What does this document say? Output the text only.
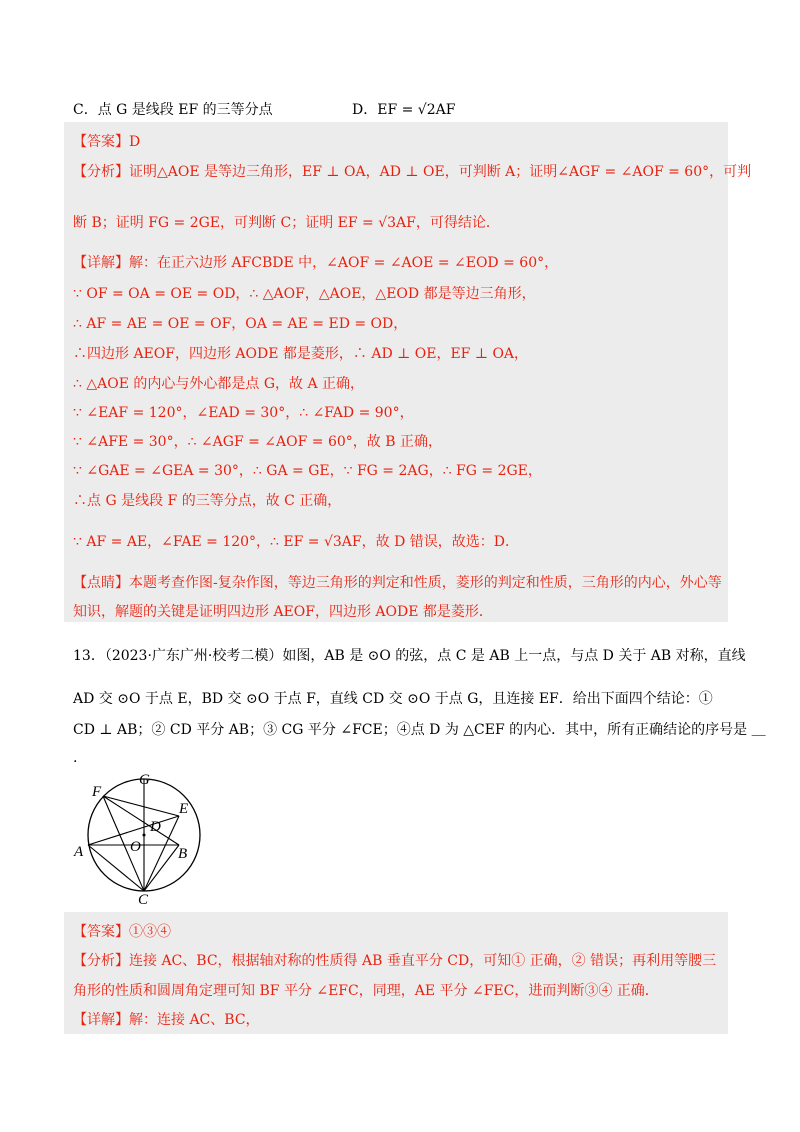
C．点 G 是线段 EF 的三等分点	D．EF = √2AF
【答案】D
【分析】证明△AOE 是等边三角形，EF ⊥ OA，AD ⊥ OE，可判断 A；证明∠AGF = ∠AOF = 60°，可判
断 B；证明 FG = 2GE，可判断 C；证明 EF = √3AF，可得结论．
【详解】解：在正六边形 AFCBDE 中，∠AOF = ∠AOE = ∠EOD = 60°，
∵ OF = OA = OE = OD，∴ △AOF，△AOE，△EOD 都是等边三角形，
∴ AF = AE = OE = OF，OA = AE = ED = OD，
∴四边形 AEOF，四边形 AODE 都是菱形，∴ AD ⊥ OE，EF ⊥ OA，
∴ △AOE 的内心与外心都是点 G，故 A 正确，
∵ ∠EAF = 120°，∠EAD = 30°，∴ ∠FAD = 90°，
∵ ∠AFE = 30°，∴ ∠AGF = ∠AOF = 60°，故 B 正确，
∵ ∠GAE = ∠GEA = 30°，∴ GA = GE，∵ FG = 2AG，∴ FG = 2GE，
∴点 G 是线段 F 的三等分点，故 C 正确，
∵ AF = AE，∠FAE = 120°，∴ EF = √3AF，故 D 错误，故选：D．
【点睛】本题考查作图-复杂作图，等边三角形的判定和性质，菱形的判定和性质，三角形的内心，外心等
知识，解题的关键是证明四边形 AEOF，四边形 AODE 都是菱形．
13．（2023·广东广州·校考二模）如图，AB 是 ⊙O 的弦，点 C 是 AB 上一点，与点 D 关于 AB 对称，直线
AD 交 ⊙O 于点 E，BD 交 ⊙O 于点 F，直线 CD 交 ⊙O 于点 G，且连接 EF．给出下面四个结论：①
CD ⊥ AB；② CD 平分 AB；③ CG 平分 ∠FCE；④点 D 为 △CEF 的内心．其中，所有正确结论的序号是 ＿
.
G
F
E
D
O
A	B
C
【答案】①③④
【分析】连接 AC、BC，根据轴对称的性质得 AB 垂直平分 CD，可知① 正确，② 错误；再利用等腰三
角形的性质和圆周角定理可知 BF 平分 ∠EFC，同理，AE 平分 ∠FEC，进而判断③④ 正确．
【详解】解：连接 AC、BC，
